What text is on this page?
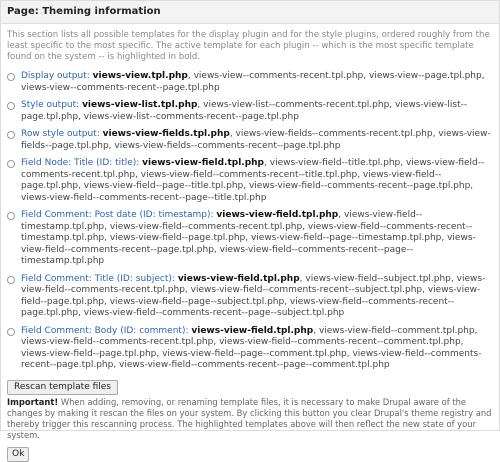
Page: Theming information
This section lists all possible templates for the display plugin and for the style plugins, ordered roughly from the least specific to the most specific. The active template for each plugin -- which is the most specific template found on the system -- is highlighted in bold.
Display output: views-view.tpl.php, views-view--comments-recent.tpl.php, views-view--page.tpl.php, views-view--comments-recent--page.tpl.php
Style output: views-view-list.tpl.php, views-view-list--comments-recent.tpl.php, views-view-list--page.tpl.php, views-view-list--comments-recent--page.tpl.php
Row style output: views-view-fields.tpl.php, views-view-fields--comments-recent.tpl.php, views-view-fields--page.tpl.php, views-view-fields--comments-recent--page.tpl.php
Field Node: Title (ID: title): views-view-field.tpl.php, views-view-field--title.tpl.php, views-view-field--comments-recent.tpl.php, views-view-field--comments-recent--title.tpl.php, views-view-field--page.tpl.php, views-view-field--page--title.tpl.php, views-view-field--comments-recent--page.tpl.php, views-view-field--comments-recent--page--title.tpl.php
Field Comment: Post date (ID: timestamp): views-view-field.tpl.php, views-view-field--timestamp.tpl.php, views-view-field--comments-recent.tpl.php, views-view-field--comments-recent--timestamp.tpl.php, views-view-field--page.tpl.php, views-view-field--page--timestamp.tpl.php, views-view-field--comments-recent--page.tpl.php, views-view-field--comments-recent--page--timestamp.tpl.php
Field Comment: Title (ID: subject): views-view-field.tpl.php, views-view-field--subject.tpl.php, views-view-field--comments-recent.tpl.php, views-view-field--comments-recent--subject.tpl.php, views-view-field--page.tpl.php, views-view-field--page--subject.tpl.php, views-view-field--comments-recent--page.tpl.php, views-view-field--comments-recent--page--subject.tpl.php
Field Comment: Body (ID: comment): views-view-field.tpl.php, views-view-field--comment.tpl.php, views-view-field--comments-recent.tpl.php, views-view-field--comments-recent--comment.tpl.php, views-view-field--page.tpl.php, views-view-field--page--comment.tpl.php, views-view-field--comments-recent--page.tpl.php, views-view-field--comments-recent--page--comment.tpl.php
Rescan template files
Important! When adding, removing, or renaming template files, it is necessary to make Drupal aware of the changes by making it rescan the files on your system. By clicking this button you clear Drupal's theme registry and thereby trigger this rescanning process. The highlighted templates above will then reflect the new state of your system.
Ok
